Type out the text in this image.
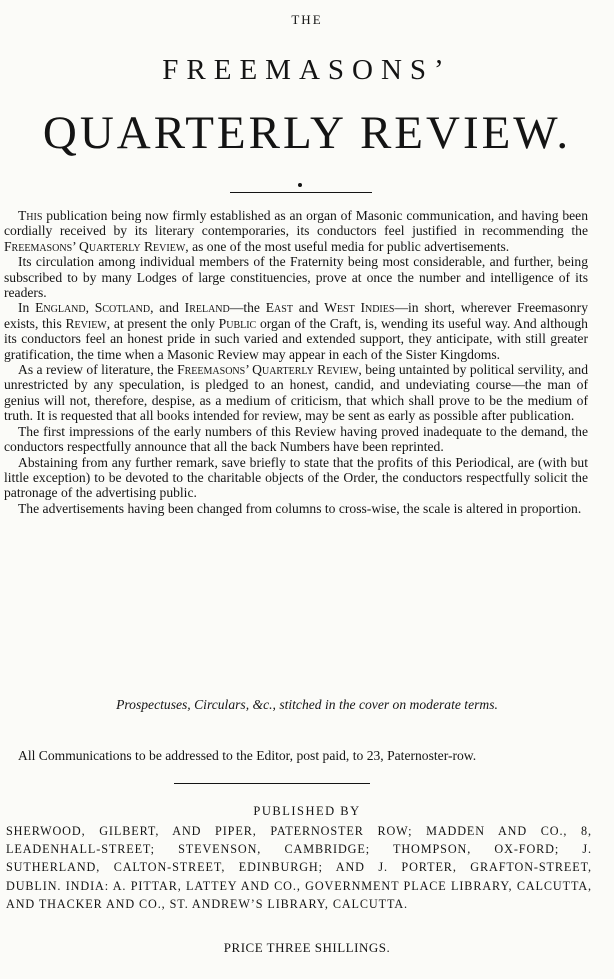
THE
FREEMASONS’
QUARTERLY REVIEW.

This publication being now firmly established as an organ of Masonic communication, and having been cordially received by its literary contemporaries, its conductors feel justified in recommending the Freemasons’ Quarterly Review, as one of the most useful media for public advertisements.

Its circulation among individual members of the Fraternity being most considerable, and further, being subscribed to by many Lodges of large constituencies, prove at once the number and intelligence of its readers.

In England, Scotland, and Ireland—the East and West Indies—in short, wherever Freemasonry exists, this Review, at present the only Public organ of the Craft, is, wending its useful way. And although its conductors feel an honest pride in such varied and extended support, they anticipate, with still greater gratification, the time when a Masonic Review may appear in each of the Sister Kingdoms.

As a review of literature, the Freemasons’ Quarterly Review, being untainted by political servility, and unrestricted by any speculation, is pledged to an honest, candid, and undeviating course—the man of genius will not, therefore, despise, as a medium of criticism, that which shall prove to be the medium of truth. It is requested that all books intended for review, may be sent as early as possible after publication.

The first impressions of the early numbers of this Review having proved inadequate to the demand, the conductors respectfully announce that all the back Numbers have been reprinted.

Abstaining from any further remark, save briefly to state that the profits of this Periodical, are (with but little exception) to be devoted to the charitable objects of the Order, the conductors respectfully solicit the patronage of the advertising public.

The advertisements having been changed from columns to cross-wise, the scale is altered in proportion.

Prospectuses, Circulars, &c., stitched in the cover on moderate terms.
All Communications to be addressed to the Editor, post paid, to 23, Paternoster-row.
PUBLISHED BY
SHERWOOD, GILBERT, AND PIPER, PATERNOSTER ROW; MADDEN AND CO., 8, LEADENHALL-STREET; STEVENSON, CAMBRIDGE; THOMPSON, OX-FORD; J. SUTHERLAND, CALTON-STREET, EDINBURGH; AND J. PORTER, GRAFTON-STREET, DUBLIN. INDIA: A. PITTAR, LATTEY AND CO., GOVERNMENT PLACE LIBRARY, CALCUTTA, AND THACKER AND CO., ST. ANDREW’S LIBRARY, CALCUTTA.
PRICE THREE SHILLINGS.
